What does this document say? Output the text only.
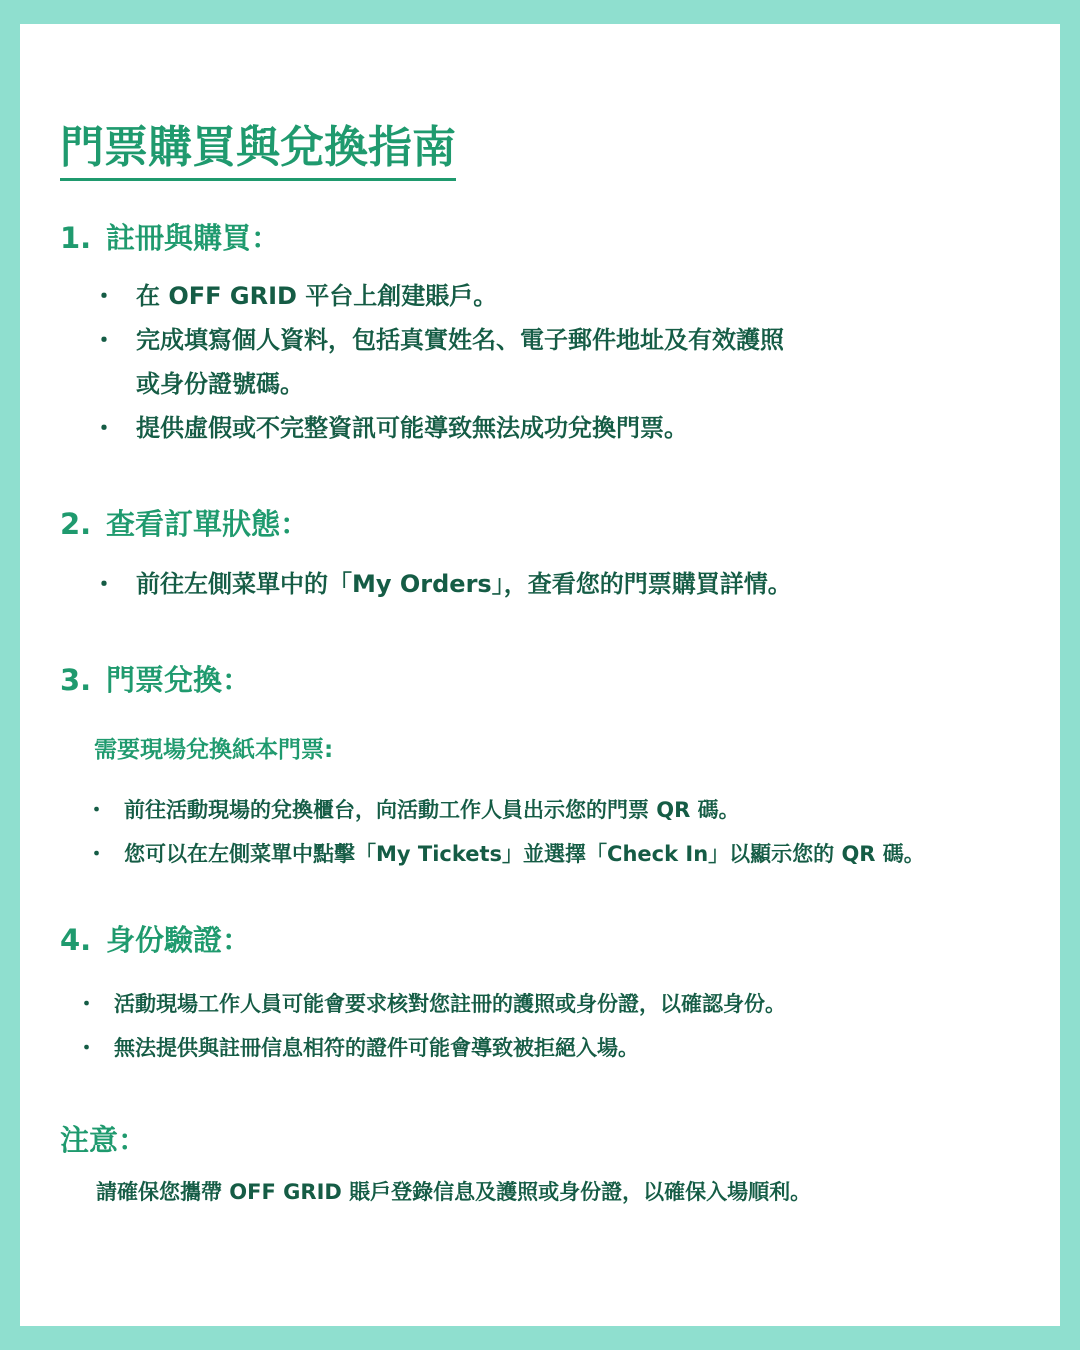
門票購買與兌換指南
1. 註冊與購買：
・ 在 OFF GRID 平台上創建賬戶。
・ 完成填寫個人資料，包括真實姓名、電子郵件地址及有效護照
或身份證號碼。
・ 提供虛假或不完整資訊可能導致無法成功兌換門票。
2. 查看訂單狀態：
・ 前往左側菜單中的「My Orders」，查看您的門票購買詳情。
3. 門票兌換：

需要現場兌換紙本門票:

・ 前往活動現場的兌換櫃台，向活動工作人員出示您的門票 QR 碼。
・ 您可以在左側菜單中點擊「My Tickets」並選擇「Check In」以顯示您的 QR 碼。
4. 身份驗證：
・ 活動現場工作人員可能會要求核對您註冊的護照或身份證，以確認身份。
・ 無法提供與註冊信息相符的證件可能會導致被拒絕入場。
注意：

請確保您攜帶 OFF GRID 賬戶登錄信息及護照或身份證，以確保入場順利。
